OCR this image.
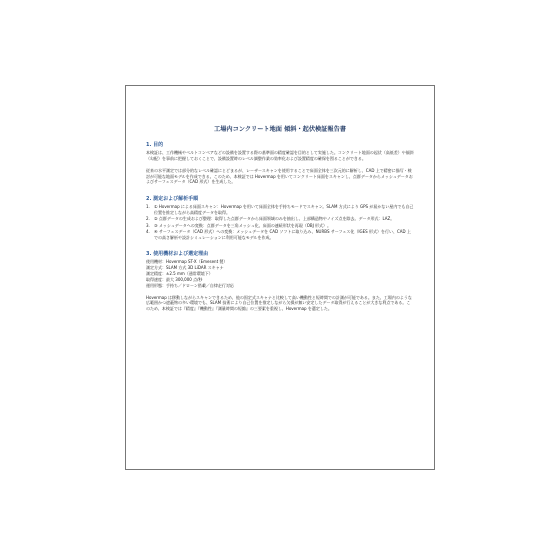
工場内コンクリート地面 傾斜・起伏検証報告書
1. 目的

本検証は、工作機械やベルトコンベアなどの設備を設置する際の基準面の精度確認を目的として実施した。コンクリート地面の起伏（高低差）や傾斜（勾配）を事前に把握しておくことで、設備設置時のレベル調整作業の効率化および設置精度の確保を図ることができる。

従来の水平測定では部分的なレベル確認にとどまるが、レーザースキャンを使用することで床面全体を三次元的に解析し、CAD 上で精密に描写・検討が可能な地面モデルを作成できる。このため、本検証では Hovermap を用いてコンクリート床面をスキャンし、点群データからメッシュデータおよびサーフェスデータ（CAD 形式）を生成した。

2. 測定および解析手順
1.	① Hovermap による床面スキャン：Hovermap を用いて床面全体を手持ちモードでスキャン。SLAM 方式により GPS が届かない屋内でも自己位置を推定しながら高精度データを取得。
2.	② 点群データの生成および整理：取得した点群データから床面領域のみを抽出し、上部構造物やノイズ点を除去。データ形式：LAZ。
3.	③ メッシュデータへの変換：点群データを三角メッシュ化、床面の連続形状を再現（OBJ 形式）。
4.	④ サーフェスデータ（CAD 形式）への変換：メッシュデータを CAD ソフトに取り込み、NURBS サーフェス化（IGES 形式）を行い、CAD 上での高さ解析や設計シミュレーションに利用可能なモデルを作成。
3. 使用機材および選定理由
使用機材：Hovermap ST-X（Emesent 製）
測定方式：SLAM 方式 3D LiDAR スキャナ
測定精度：±2.5 mm（通常環境下）
取得速度：最大 300,000 点/秒
運用形態：手持ち／ドローン搭載／自律走行対応

Hovermap は移動しながらスキャンできるため、他の固定式スキャナと比較して高い機動性と短時間での計測が可能である。また、工場内のような広範囲かつ遮蔽物の多い環境でも、SLAM 技術により自己位置を推定しながら欠損が無い安定したデータ取得が行えることが大きな利点である。このため、本検証では『精度』『機動性』『測量時間の短縮』の三要素を重視し、Hovermap を選定した。
